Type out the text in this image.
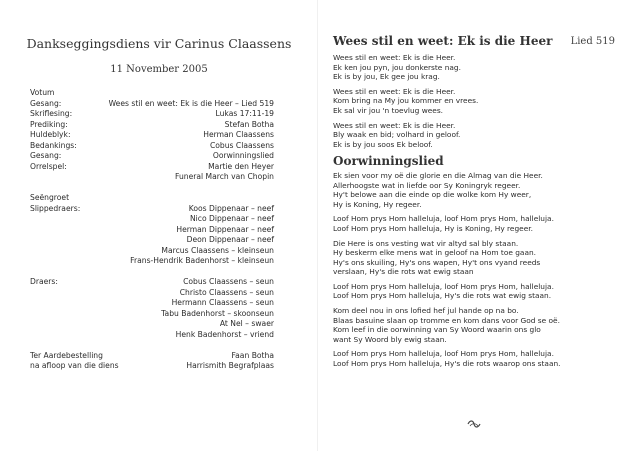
Dankseggingsdiens vir Carinus Claassens
11 November 2005
Votum
Gesang:	Wees stil en weet: Ek is die Heer – Lied 519
Skriflesing:	Lukas 17:11-19
Prediking:	Stefan Botha
Huldeblyk:	Herman Claassens
Bedankings:	Cobus Claassens
Gesang:	Oorwinningslied
Orrelspel:	Martie den Heyer
Funeral March van Chopin
Seëngroet
Slippedraers:	Koos Dippenaar – neef
Nico Dippenaar – neef
Herman Dippenaar – neef
Deon Dippenaar – neef
Marcus Claassens – kleinseun
Frans-Hendrik Badenhorst – kleinseun
Draers:	Cobus Claassens – seun
Christo Claassens – seun
Hermann Claassens – seun
Tabu Badenhorst – skoonseun
At Nel – swaer
Henk Badenhorst – vriend
Ter Aardebestelling	Faan Botha
na afloop van die diens	Harrismith Begrafplaas
Wees stil en weet: Ek is die Heer Lied 519
Wees stil en weet: Ek is die Heer.
Ek ken jou pyn, jou donkerste nag.
Ek is by jou, Ek gee jou krag.
Wees stil en weet: Ek is die Heer.
Kom bring na My jou kommer en vrees.
Ek sal vir jou 'n toevlug wees.
Wees stil en weet: Ek is die Heer.
Bly waak en bid; volhard in geloof.
Ek is by jou soos Ek beloof.
Oorwinningslied
Ek sien voor my oë die glorie en die Almag van die Heer.
Allerhoogste wat in liefde oor Sy Koningryk regeer.
Hy't belowe aan die einde op die wolke kom Hy weer,
Hy is Koning, Hy regeer.
Loof Hom prys Hom halleluja, loof Hom prys Hom, halleluja.
Loof Hom prys Hom halleluja, Hy is Koning, Hy regeer.
Die Here is ons vesting wat vir altyd sal bly staan.
Hy beskerm elke mens wat in geloof na Hom toe gaan.
Hy's ons skuiling, Hy's ons wapen, Hy't ons vyand reeds
verslaan, Hy's die rots wat ewig staan
Loof Hom prys Hom halleluja, loof Hom prys Hom, halleluja.
Loof Hom prys Hom halleluja, Hy's die rots wat ewig staan.
Kom deel nou in ons lofied hef jul hande op na bo.
Blaas basuine slaan op tromme en kom dans voor God se oë.
Kom leef in die oorwinning van Sy Woord waarin ons glo
want Sy Woord bly ewig staan.
Loof Hom prys Hom halleluja, loof Hom prys Hom, halleluja.
Loof Hom prys Hom halleluja, Hy's die rots waarop ons staan.
